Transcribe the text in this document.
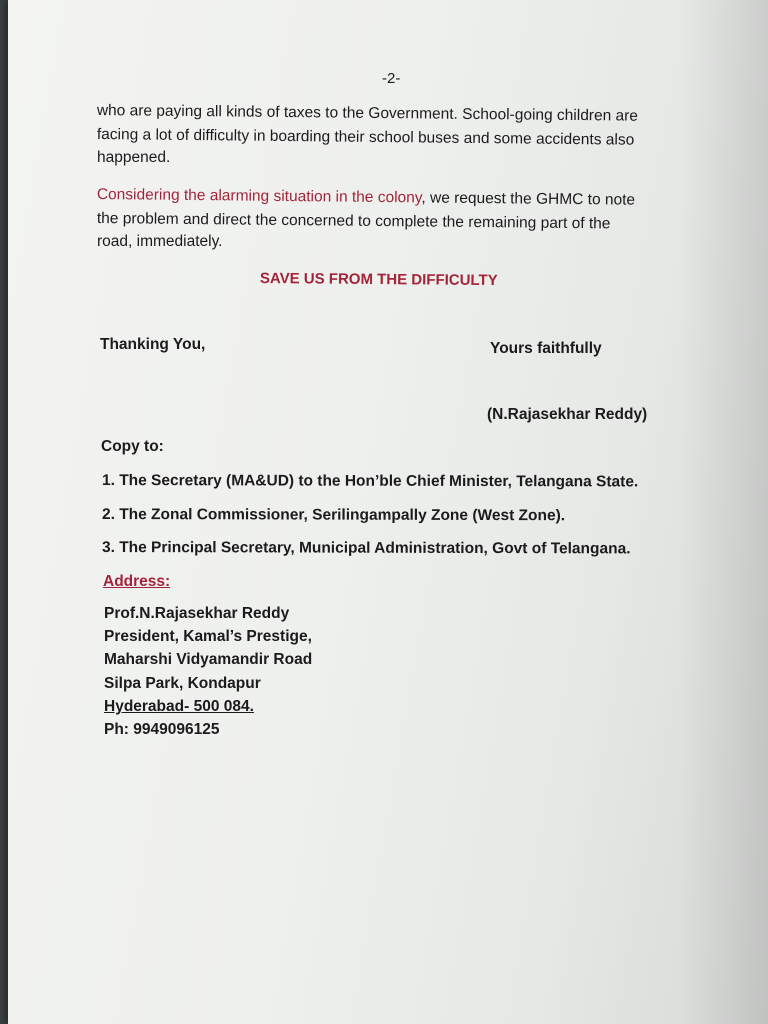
-2-
who are paying all kinds of taxes to the Government. School-going children are
facing a lot of difficulty in boarding their school buses and some accidents also
happened.
Considering the alarming situation in the colony, we request the GHMC to note
the problem and direct the concerned to complete the remaining part of the
road, immediately.
SAVE US FROM THE DIFFICULTY
Thanking You,	Yours faithfully
(N.Rajasekhar Reddy)
Copy to:
1. The Secretary (MA&UD) to the Hon’ble Chief Minister, Telangana State.
2. The Zonal Commissioner, Serilingampally Zone (West Zone).
3. The Principal Secretary, Municipal Administration, Govt of Telangana.
Address:
Prof.N.Rajasekhar Reddy
President, Kamal’s Prestige,
Maharshi Vidyamandir Road
Silpa Park, Kondapur
Hyderabad- 500 084.
Ph: 9949096125
